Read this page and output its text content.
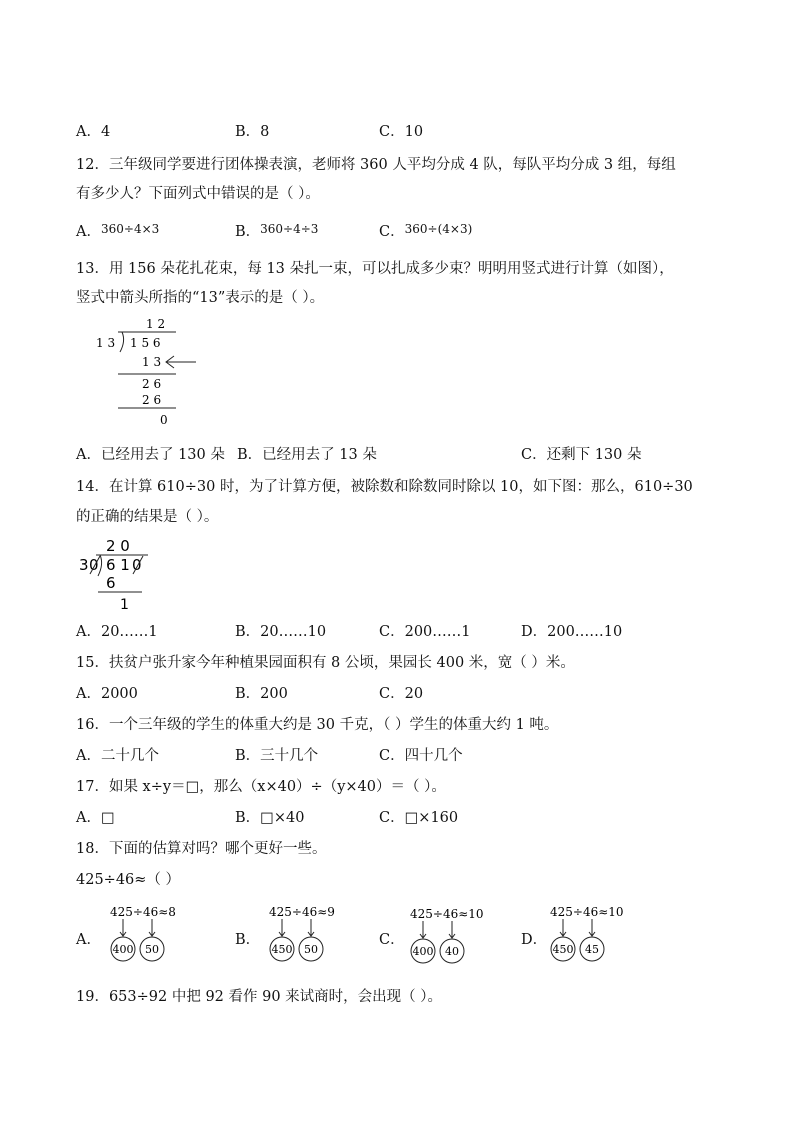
A．4	B．8	C．10
12．三年级同学要进行团体操表演，老师将 360 人平均分成 4 队，每队平均分成 3 组，每组
有多少人？下面列式中错误的是（ ）。
A．$^{360\div 4\times 3}$	B．$^{360\div 4\div 3}$	C．$^{360\div(4\times 3)}$
13．用 156 朵花扎花束，每 13 朵扎一束，可以扎成多少束？明明用竖式进行计算（如图），
竖式中箭头所指的“13”表示的是（ ）。
1 2
1 3 1 5 6
1 3
2 6
2 6
0
A．已经用去了 130 朵 B．已经用去了 13 朵	C．还剩下 130 朵
14．在计算 610÷30 时，为了计算方便，被除数和除数同时除以 10，如下图：那么，610÷30
的正确的结果是（ ）。
2 0
3 0 6 1 0
6
1
A．20……1	B．20……10	C．200……1	D．200……10
15．扶贫户张升家今年种植果园面积有 8 公顷，果园长 400 米，宽（ ）米。
A．2000	B．200	C．20
16．一个三年级的学生的体重大约是 30 千克，（ ）学生的体重大约 1 吨。
A．二十几个	B．三十几个	C．四十几个
17．如果 x÷y＝□，那么（x×40）÷（y×40）＝（ ）。
A．□	B．□×40	C．□×160
18．下面的估算对吗？哪个更好一些。
425÷46≈（ ）
A．
425÷46≈8
400 50
B．
425÷46≈9
450 50
C．
425÷46≈10
400 40
D．
425÷46≈10
450 45
19．653÷92 中把 92 看作 90 来试商时，会出现（ ）。
